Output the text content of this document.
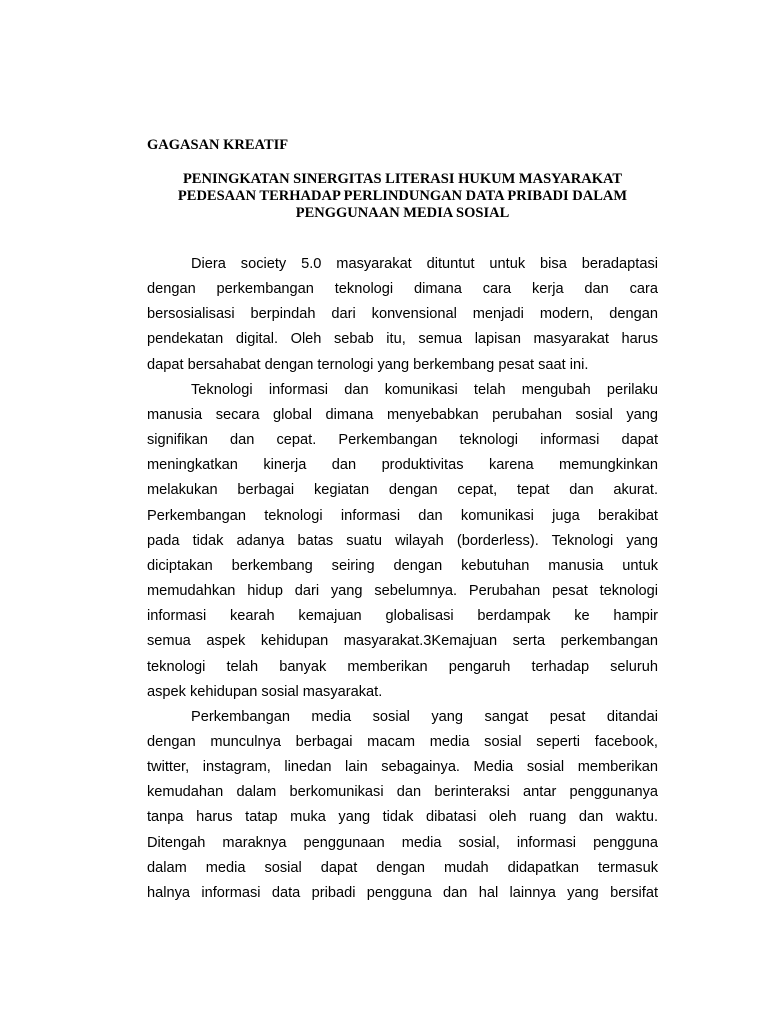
GAGASAN KREATIF
PENINGKATAN SINERGITAS LITERASI HUKUM MASYARAKAT
PEDESAAN TERHADAP PERLINDUNGAN DATA PRIBADI DALAM
PENGGUNAAN MEDIA SOSIAL
Diera society 5.0 masyarakat dituntut untuk bisa beradaptasi
dengan perkembangan teknologi dimana cara kerja dan cara
bersosialisasi berpindah dari konvensional menjadi modern, dengan
pendekatan digital. Oleh sebab itu, semua lapisan masyarakat harus
dapat bersahabat dengan ternologi yang berkembang pesat saat ini.
Teknologi informasi dan komunikasi telah mengubah perilaku
manusia secara global dimana menyebabkan perubahan sosial yang
signifikan dan cepat. Perkembangan teknologi informasi dapat
meningkatkan kinerja dan produktivitas karena memungkinkan
melakukan berbagai kegiatan dengan cepat, tepat dan akurat.
Perkembangan teknologi informasi dan komunikasi juga berakibat
pada tidak adanya batas suatu wilayah (borderless). Teknologi yang
diciptakan berkembang seiring dengan kebutuhan manusia untuk
memudahkan hidup dari yang sebelumnya. Perubahan pesat teknologi
informasi kearah kemajuan globalisasi berdampak ke hampir
semua aspek kehidupan masyarakat.3Kemajuan serta perkembangan
teknologi telah banyak memberikan pengaruh terhadap seluruh
aspek kehidupan sosial masyarakat.
Perkembangan media sosial yang sangat pesat ditandai
dengan munculnya berbagai macam media sosial seperti facebook,
twitter, instagram, linedan lain sebagainya. Media sosial memberikan
kemudahan dalam berkomunikasi dan berinteraksi antar penggunanya
tanpa harus tatap muka yang tidak dibatasi oleh ruang dan waktu.
Ditengah maraknya penggunaan media sosial, informasi pengguna
dalam media sosial dapat dengan mudah didapatkan termasuk
halnya informasi data pribadi pengguna dan hal lainnya yang bersifat
